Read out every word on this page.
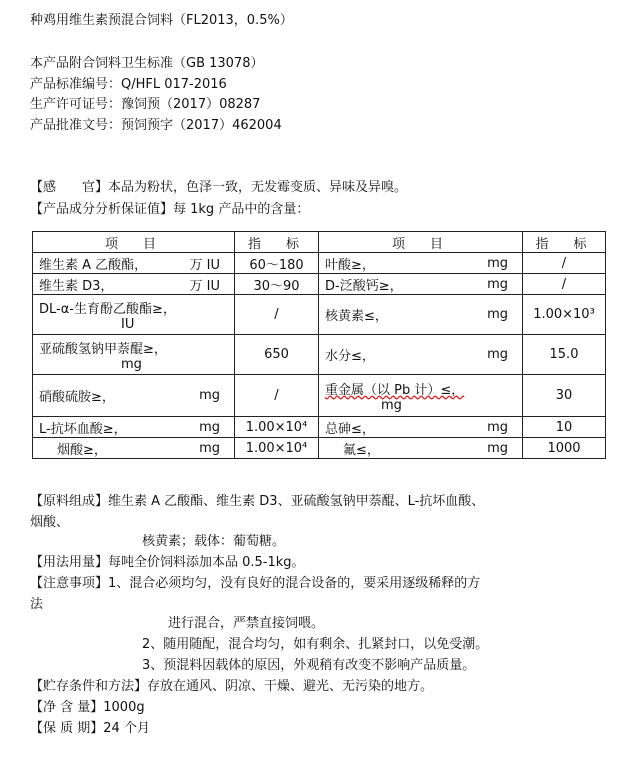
种鸡用维生素预混合饲料（FL2013，0.5%）
本产品附合饲料卫生标准（GB 13078）
产品标准编号：Q/HFL 017-2016
生产许可证号：豫饲预（2017）08287
产品批准文号：预饲预字（2017）462004
【感　　官】本品为粉状，色泽一致，无发霉变质、异味及异嗅。
【产品成分分析保证值】每 1kg 产品中的含量：
项　目	指　标	项　目	指　标

维生素 A 乙酸酯， 万 IU	60～180	叶酸≥， mg	/

维生素 D3， 万 IU	30～90	D-泛酸钙≥， mg	/

DL-α-生育酚乙酸酯≥，
IU	/	核黄素≤， mg	1.00×10³

亚硫酸氢钠甲萘醌≥，
mg	650	水分≤， mg	15.0

硝酸硫胺≥， mg	/	重金属（以 Pb 计）≤，
mg	30

L-抗坏血酸≥， mg	1.00×10⁴	总砷≤， mg	10

烟酸≥， mg	1.00×10⁴	氟≤， mg	1000
【原料组成】维生素 A 乙酸酯、维生素 D3、亚硫酸氢钠甲萘醌、L-抗坏血酸、
烟酸、
核黄素；载体：葡萄糖。
【用法用量】每吨全价饲料添加本品 0.5-1kg。
【注意事项】1、混合必须均匀，没有良好的混合设备的，要采用逐级稀释的方
法
进行混合，严禁直接饲喂。
2、随用随配，混合均匀，如有剩余、扎紧封口，以免受潮。
3、预混料因载体的原因，外观稍有改变不影响产品质量。
【贮存条件和方法】存放在通风、阴凉、干燥、避光、无污染的地方。
【净 含 量】1000g
【保 质 期】24 个月
